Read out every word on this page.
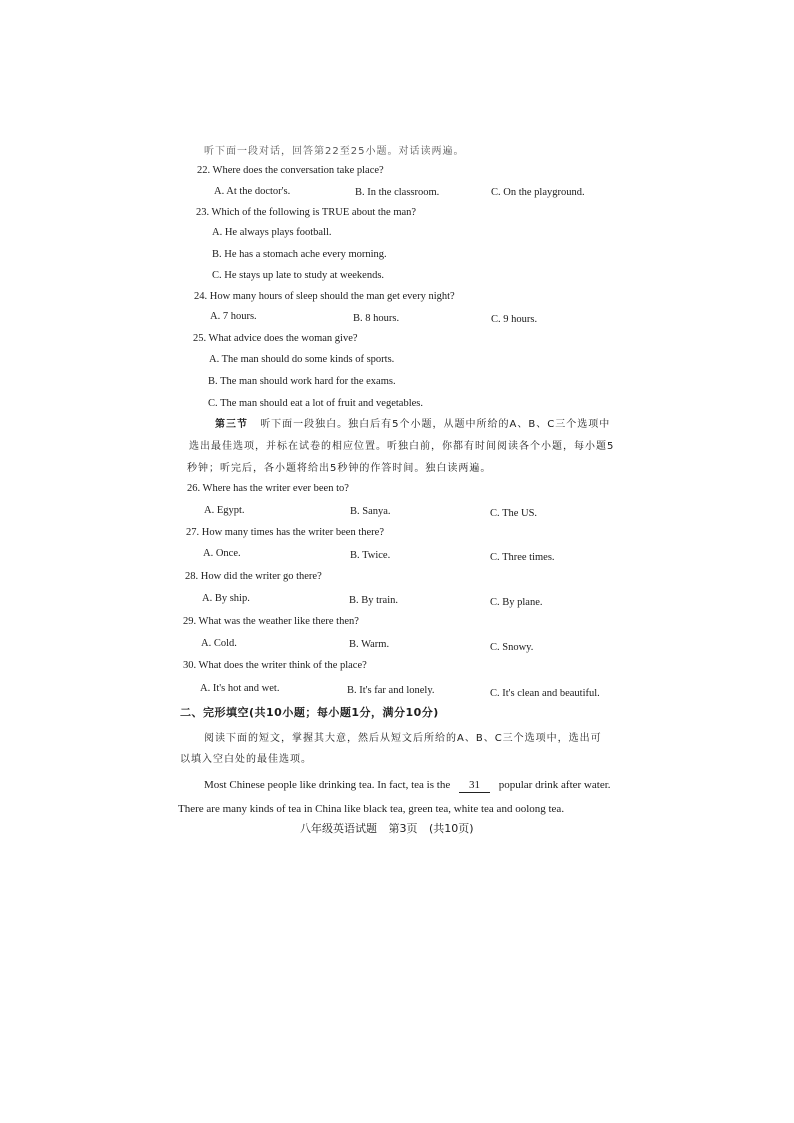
听下面一段对话，回答第22至25小题。对话读两遍。
22. Where does the conversation take place?
A. At the doctor's.	B. In the classroom.	C. On the playground.
23. Which of the following is TRUE about the man?
A. He always plays football.
B. He has a stomach ache every morning.
C. He stays up late to study at weekends.
24. How many hours of sleep should the man get every night?
A. 7 hours.	B. 8 hours.	C. 9 hours.
25. What advice does the woman give?
A. The man should do some kinds of sports.
B. The man should work hard for the exams.
C. The man should eat a lot of fruit and vegetables.
第三节 听下面一段独白。独白后有5个小题，从题中所给的A、B、C三个选项中
选出最佳选项，并标在试卷的相应位置。听独白前，你都有时间阅读各个小题，每小题5
秒钟；听完后，各小题将给出5秒钟的作答时间。独白读两遍。
26. Where has the writer ever been to?
A. Egypt.	B. Sanya.	C. The US.
27. How many times has the writer been there?
A. Once.	B. Twice.	C. Three times.
28. How did the writer go there?
A. By ship.	B. By train.	C. By plane.
29. What was the weather like there then?
A. Cold.	B. Warm.	C. Snowy.
30. What does the writer think of the place?
A. It's hot and wet.	B. It's far and lonely.	C. It's clean and beautiful.
二、完形填空(共10小题；每小题1分，满分10分)
阅读下面的短文，掌握其大意，然后从短文后所给的A、B、C三个选项中，选出可
以填入空白处的最佳选项。
Most Chinese people like drinking tea. In fact, tea is the 31 popular drink after water.
There are many kinds of tea in China like black tea, green tea, white tea and oolong tea.
八年级英语试题 第3页 (共10页)
